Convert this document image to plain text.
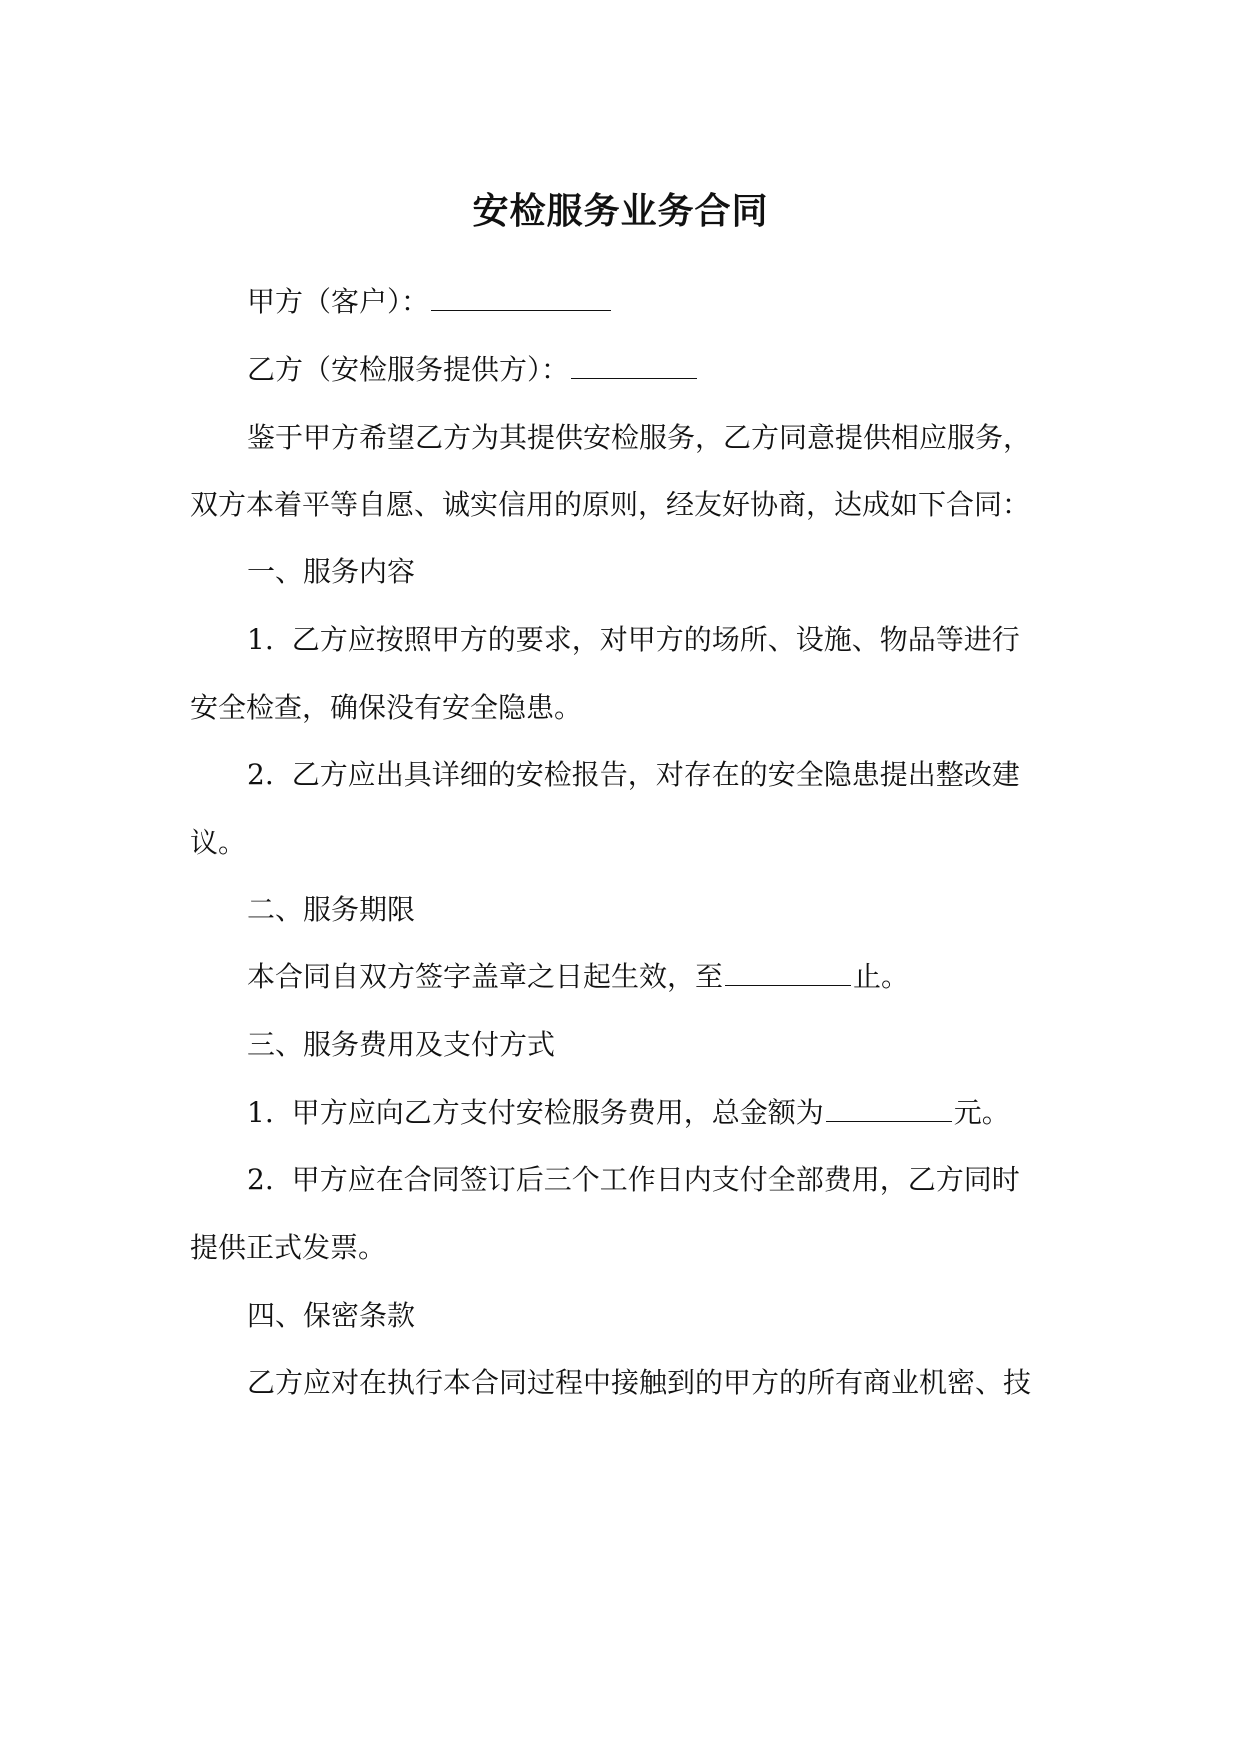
安检服务业务合同
甲方（客户）：
乙方（安检服务提供方）：
鉴于甲方希望乙方为其提供安检服务，乙方同意提供相应服务，
双方本着平等自愿、诚实信用的原则，经友好协商，达成如下合同：
一、服务内容
1. 乙方应按照甲方的要求，对甲方的场所、设施、物品等进行
安全检查，确保没有安全隐患。
2. 乙方应出具详细的安检报告，对存在的安全隐患提出整改建
议。
二、服务期限
本合同自双方签字盖章之日起生效，至	止。
三、服务费用及支付方式
1. 甲方应向乙方支付安检服务费用，总金额为	元。
2. 甲方应在合同签订后三个工作日内支付全部费用，乙方同时
提供正式发票。
四、保密条款
乙方应对在执行本合同过程中接触到的甲方的所有商业机密、技
